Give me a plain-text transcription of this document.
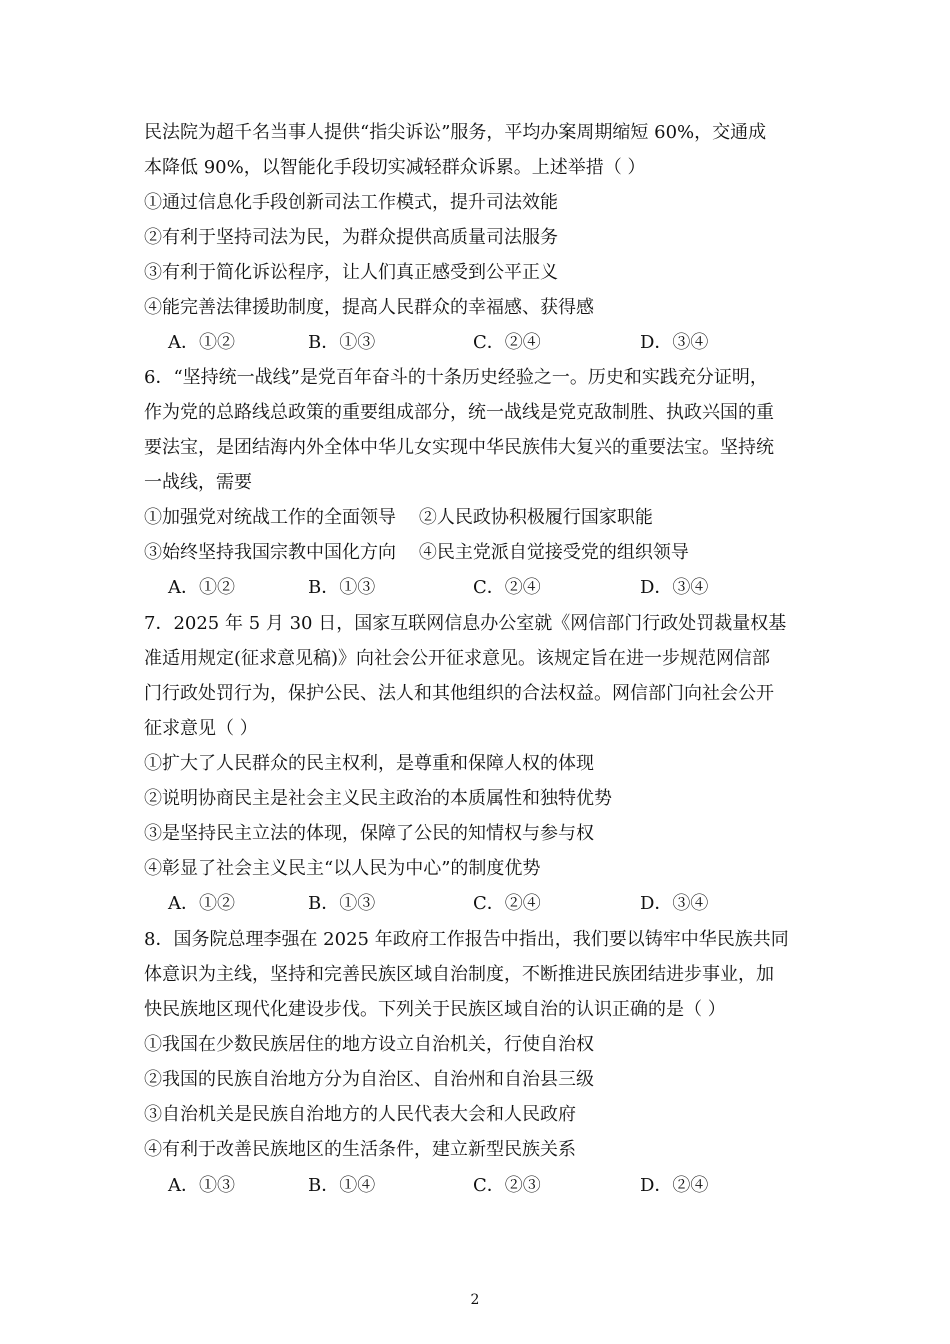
民法院为超千名当事人提供“指尖诉讼”服务，平均办案周期缩短 60%，交通成
本降低 90%，以智能化手段切实减轻群众诉累。上述举措（ ）
①通过信息化手段创新司法工作模式，提升司法效能
②有利于坚持司法为民，为群众提供高质量司法服务
③有利于简化诉讼程序，让人们真正感受到公平正义
④能完善法律援助制度，提高人民群众的幸福感、获得感
A．①②	B．①③	C．②④	D．③④
6．“坚持统一战线”是党百年奋斗的十条历史经验之一。历史和实践充分证明，
作为党的总路线总政策的重要组成部分，统一战线是党克敌制胜、执政兴国的重
要法宝，是团结海内外全体中华儿女实现中华民族伟大复兴的重要法宝。坚持统
一战线，需要
①加强党对统战工作的全面领导    ②人民政协积极履行国家职能
③始终坚持我国宗教中国化方向    ④民主党派自觉接受党的组织领导
A．①②	B．①③	C．②④	D．③④
7．2025 年 5 月 30 日，国家互联网信息办公室就《网信部门行政处罚裁量权基
准适用规定(征求意见稿)》向社会公开征求意见。该规定旨在进一步规范网信部
门行政处罚行为，保护公民、法人和其他组织的合法权益。网信部门向社会公开
征求意见（ ）
①扩大了人民群众的民主权利，是尊重和保障人权的体现
②说明协商民主是社会主义民主政治的本质属性和独特优势
③是坚持民主立法的体现，保障了公民的知情权与参与权
④彰显了社会主义民主“以人民为中心”的制度优势
A．①②	B．①③	C．②④	D．③④
8．国务院总理李强在 2025 年政府工作报告中指出，我们要以铸牢中华民族共同
体意识为主线，坚持和完善民族区域自治制度，不断推进民族团结进步事业，加
快民族地区现代化建设步伐。下列关于民族区域自治的认识正确的是（ ）
①我国在少数民族居住的地方设立自治机关，行使自治权
②我国的民族自治地方分为自治区、自治州和自治县三级
③自治机关是民族自治地方的人民代表大会和人民政府
④有利于改善民族地区的生活条件，建立新型民族关系
A．①③	B．①④	C．②③	D．②④
2
